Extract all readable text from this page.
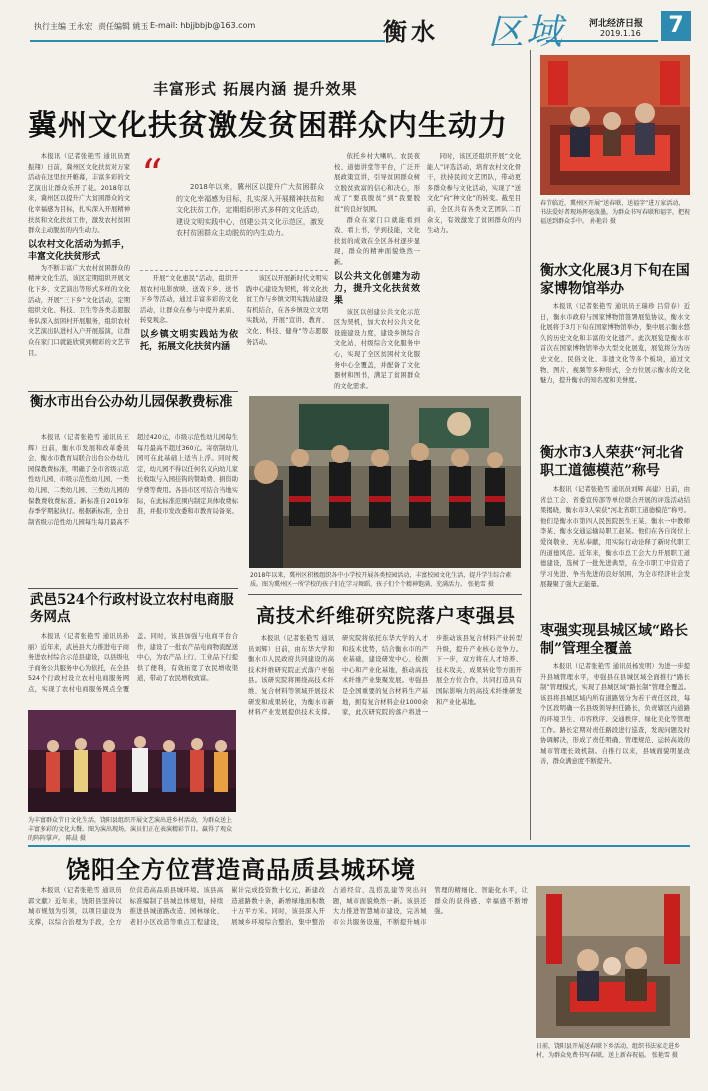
执行主编 王永宏 责任编辑 姚玉 E-mail: hbjjbbjb@163.com	衡水 区域	河北经济日报
2019.1.16	7
丰富形式 拓展内涵 提升效果
冀州文化扶贫激发贫困群众内生动力

本报讯（记者张艳雪 通讯员贾振翔）日前，冀州区文化扶贫对万家活动在这里拉开帷幕，丰富多彩的文艺演出让群众乐开了花。2018年以来，冀州区以提升广大贫困群众的文化幸福感为目标，扎实深入开展精神扶贫和文化扶贫工作，激发农村贫困群众主动脱贫的内生动力。

以农村文化活动为抓手，丰富文化扶贫形式

为不断丰富广大农村贫困群众的精神文化生活，该区定期组织开展文化下乡、文艺演出等形式多样的文化活动，开展“三下乡”文化活动，定期组织文化、科技、卫生等各类志愿服务队深入贫困村开展服务，组织农村文艺演出队进村入户开展巡演，让群众在家门口就能欣赏到精彩的文艺节目。

“	2018年以来，冀州区以提升广大贫困群众的文化幸福感为目标，扎实深入开展精神扶贫和文化扶贫工作，定期组织形式多样的文化活动，建设文明实践中心，创建公共文化示范区，激发农村贫困群众主动脱贫的内生动力。

开展“文化惠民”活动，组织开展农村电影放映、送戏下乡、送书下乡等活动，通过丰富多彩的文化活动，让群众在参与中提升素质、转变观念。

以乡镇文明实践站为依托，拓展文化扶贫内涵

该区以开展新时代文明实践中心建设为契机，将文化扶贫工作与乡镇文明实践站建设有机结合，在各乡镇设立文明实践站，开展“宣讲、教育、文化、科技、健身”等志愿服务活动。

依托乡村大喇叭、农民夜校、道德讲堂等平台，广泛开展政策宣讲，引导贫困群众树立脱贫致富的信心和决心，形成了“要我脱贫”到“我要脱贫”的良好氛围。

群众在家门口就能看到戏、看上书、学到技能，文化扶贫的成效在全区各村逐步显现，群众的精神面貌焕然一新。

以公共文化创建为动力，提升文化扶贫效果

该区以创建公共文化示范区为契机，加大农村公共文化设施建设力度，建设乡镇综合文化站、村级综合文化服务中心，实现了全区贫困村文化服务中心全覆盖，并配备了文化器材和图书，满足了贫困群众的文化需求。

同时，该区还组织开展“文化能人”评选活动，培育农村文化骨干，扶持民间文艺团队，带动更多群众参与文化活动，实现了“送文化”向“种文化”的转变。截至目前，全区共有各类文艺团队二百余支，有效激发了贫困群众的内生动力。

2018年以来，冀州区积极组织各中小学校开展各类校园活动，丰富校园文化生活，提升学生综合素质。图为冀州区一所学校的孩子们在学习舞蹈，孩子们个个精神饱满、充满活力。 张艳雪 摄
衡水市出台公办幼儿园保教费标准

本报讯（记者张艳雪 通讯员王辉）日前，衡水市发展和改革委员会、衡水市教育局联合出台公办幼儿园保教费标准，明确了全市省级示范性幼儿园、市级示范性幼儿园、一类幼儿园、二类幼儿园、三类幼儿园的保教费收费标准。新标准自2019年春季学期起执行。根据新标准，全日制省级示范性幼儿园每生每月最高不超过420元，市级示范性幼儿园每生每月最高不超过360元。寄宿制幼儿园可在此基础上适当上浮。同时规定，幼儿园不得以任何名义向幼儿家长收取与入园挂钩的赞助费、捐资助学费等费用。各县市区可结合当地实际，在此标准范围内制定具体收费标准，并报市发改委和市教育局备案。

武邑524个行政村设立农村电商服务网点

本报讯（记者张艳雪 通讯员孙丽）近年来，武邑县大力推进电子商务进农村综合示范县建设，以县级电子商务公共服务中心为依托，在全县524个行政村设立农村电商服务网点，实现了农村电商服务网点全覆盖。同时，该县加强与电商平台合作，建设了一批农产品电商物流配送中心，为农产品上行、工业品下行提供了便利，有效拓宽了农民增收渠道，带动了农民增收致富。

为丰富群众节日文化生活，饶阳县组织开展文艺演出进乡村活动，为群众送上丰富多彩的文化大餐。图为演出现场，演员们正在表演精彩节目，赢得了观众的阵阵掌声。 陈晨 摄
春节临近，冀州区开展“送春联、送福字”进万家活动，书法爱好者现场挥毫泼墨，为群众书写春联和福字，把祝福送到群众手中。 孙艳岩 摄
衡水文化展3月下旬在国家博物馆举办

本报讯（记者张艳雪 通讯员王瑞珍 吕常春）近日，衡水市政府与国家博物馆签署展览协议，衡水文化展将于3月下旬在国家博物馆举办，集中展示衡水悠久的历史文化和丰富的文化遗产。此次展览是衡水市首次在国家博物馆举办大型文化展览，展览将分为历史文化、民俗文化、非遗文化等多个板块，通过文物、图片、视频等多种形式，全方位展示衡水的文化魅力，提升衡水的知名度和美誉度。

衡水市3人荣获“河北省职工道德模范”称号

本报讯（记者张艳雪 通讯员刘辉 高建）日前，由省总工会、省委宣传部等单位联合开展的评选活动结果揭晓，衡水市3人荣获“河北省职工道德模范”称号。他们是衡水市第四人民医院医生王某、衡水一中教师李某、衡水交通运输局职工赵某。他们在各自岗位上爱岗敬业、无私奉献，用实际行动诠释了新时代职工的道德风范。近年来，衡水市总工会大力开展职工道德建设，选树了一批先进典型，在全市职工中营造了学习先进、争当先进的良好氛围，为全市经济社会发展凝聚了强大正能量。

枣强实现县城区域“路长制”管理全覆盖

本报讯（记者张艳雪 通讯员杨发明）为进一步提升县城管理水平，枣强县在县城区域全面推行“路长制”管理模式，实现了县城区域“路长制”管理全覆盖。该县将县城区域内所有道路划分为若干责任区段，每个区段明确一名县级领导担任路长，负责辖区内道路的环境卫生、市容秩序、交通秩序、绿化美化等管理工作。路长定期对责任路段进行巡查，发现问题及时协调解决，形成了责任明确、管理规范、运转高效的城市管理长效机制。自推行以来，县城面貌明显改善，群众满意度不断提升。

高技术纤维研究院落户枣强县

本报讯（记者张艳雪 通讯员刘辉）日前，由东华大学和衡水市人民政府共同建设的高技术纤维研究院正式落户枣强县。该研究院将围绕高技术纤维、复合材料等领域开展技术研发和成果转化，为衡水市新材料产业发展提供技术支撑。研究院将依托东华大学的人才和技术优势，结合衡水市的产业基础，建设研发中心、检测中心和产业化基地，推动高技术纤维产业集聚发展。枣强县是全国重要的复合材料生产基地，拥有复合材料企业1000余家，此次研究院的落户将进一步推动该县复合材料产业转型升级，提升产业核心竞争力。下一步，双方将在人才培养、技术攻关、成果转化等方面开展全方位合作，共同打造具有国际影响力的高技术纤维研发和产业化基地。

饶阳全方位营造高品质县城环境

本报讯（记者张艳雪 通讯员郭文献）近年来，饶阳县坚持以城市规划为引领，以项目建设为支撑，以综合治理为手段，全方位营造高品质县城环境。该县高标准编制了县城总体规划，持续推进县城道路改造、园林绿化、老旧小区改造等重点工程建设，累计完成投资数十亿元，新建改造道路数十条，新增绿地面积数十万平方米。同时，该县深入开展城乡环境综合整治，集中整治占道经营、乱搭乱建等突出问题，城市面貌焕然一新。该县还大力推进智慧城市建设，完善城市公共服务设施，不断提升城市管理的精细化、智能化水平，让群众的获得感、幸福感不断增强。

日前，饶阳县开展送春联下乡活动，组织书法家走进乡村，为群众免费书写春联，送上新春祝福。 张艳雪 摄
